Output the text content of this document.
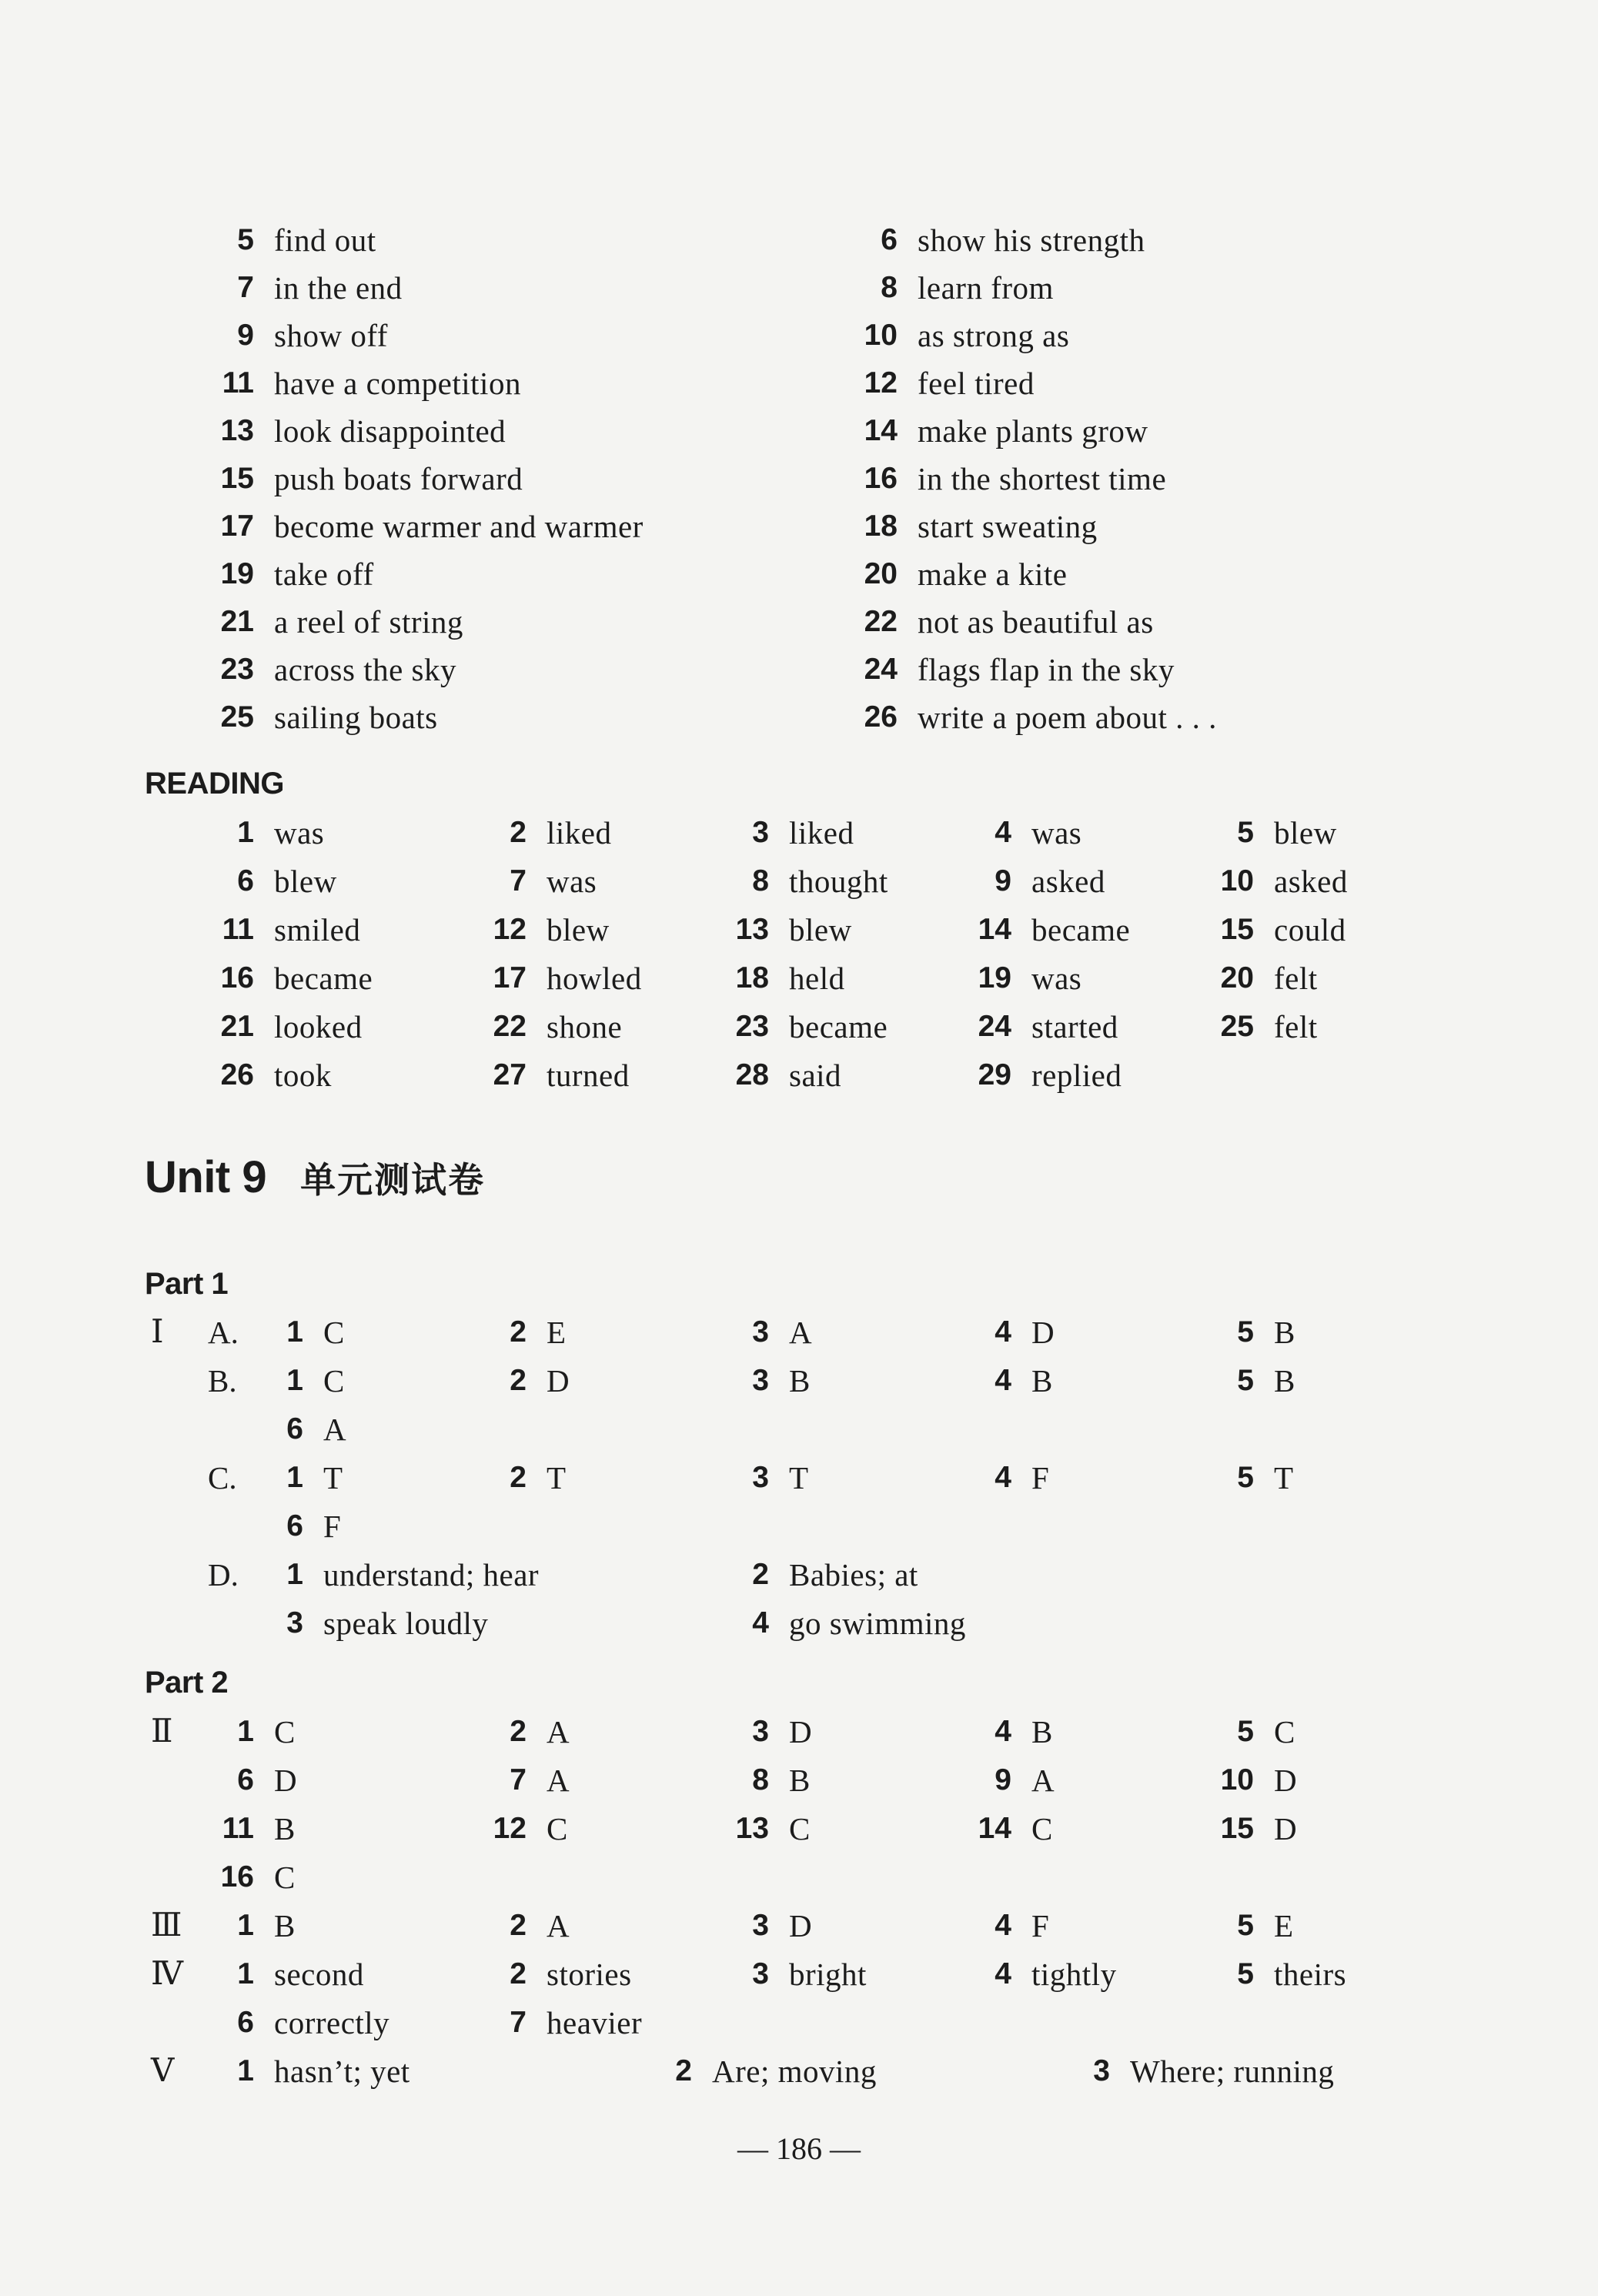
5 find out	6 show his strength
7 in the end	8 learn from
9 show off	10 as strong as
11 have a competition	12 feel tired
13 look disappointed	14 make plants grow
15 push boats forward	16 in the shortest time
17 become warmer and warmer	18 start sweating
19 take off	20 make a kite
21 a reel of string	22 not as beautiful as
23 across the sky	24 flags flap in the sky
25 sailing boats	26 write a poem about . . .
READING
1 was	2 liked	3 liked	4 was	5 blew
6 blew	7 was	8 thought	9 asked	10 asked
11 smiled	12 blew	13 blew	14 became	15 could
16 became	17 howled	18 held	19 was	20 felt
21 looked	22 shone	23 became	24 started	25 felt
26 took	27 turned	28 said	29 replied
Unit 9 单元测试卷
Part 1
Ⅰ A. 1 C	2 E	3 A	4 D	5 B
B. 1 C	2 D	3 B	4 B	5 B
6 A
C. 1 T	2 T	3 T	4 F	5 T
6 F
D. 1 understand; hear	2 Babies; at
3 speak loudly	4 go swimming
Part 2
Ⅱ 1 C	2 A	3 D	4 B	5 C
6 D	7 A	8 B	9 A	10 D
11 B	12 C	13 C	14 C	15 D
16 C
Ⅲ 1 B	2 A	3 D	4 F	5 E
Ⅳ 1 second	2 stories	3 bright	4 tightly	5 theirs
6 correctly	7 heavier
Ⅴ 1 hasn’t; yet	2 Are; moving	3 Where; running
— 186 —
